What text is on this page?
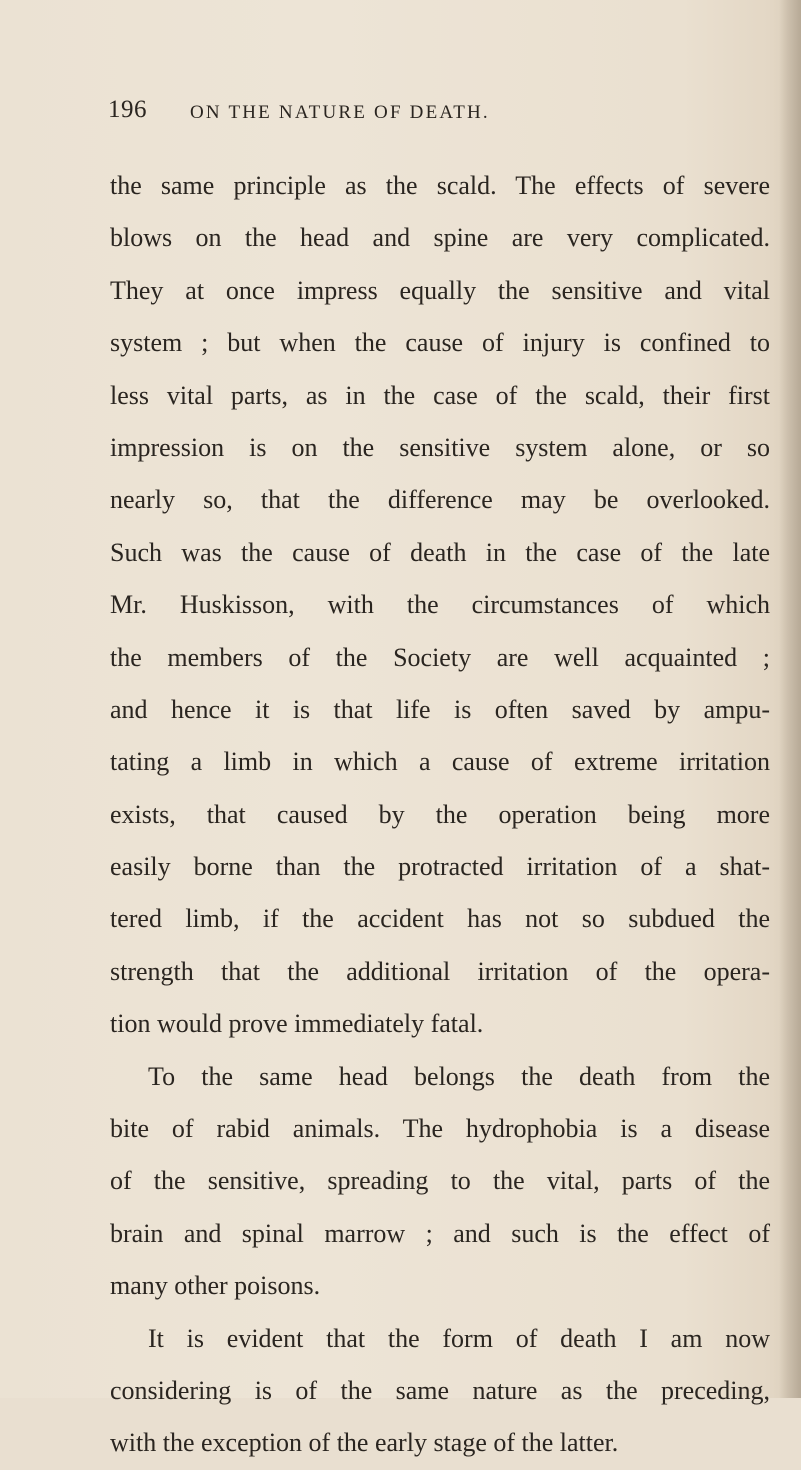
196 ON THE NATURE OF DEATH.
the same principle as the scald. The effects of severe
blows on the head and spine are very complicated.
They at once impress equally the sensitive and vital
system ; but when the cause of injury is confined to
less vital parts, as in the case of the scald, their first
impression is on the sensitive system alone, or so
nearly so, that the difference may be overlooked.
Such was the cause of death in the case of the late
Mr. Huskisson, with the circumstances of which
the members of the Society are well acquainted ;
and hence it is that life is often saved by ampu-
tating a limb in which a cause of extreme irritation
exists, that caused by the operation being more
easily borne than the protracted irritation of a shat-
tered limb, if the accident has not so subdued the
strength that the additional irritation of the opera-
tion would prove immediately fatal.
To the same head belongs the death from the
bite of rabid animals. The hydrophobia is a disease
of the sensitive, spreading to the vital, parts of the
brain and spinal marrow ; and such is the effect of
many other poisons.
It is evident that the form of death I am now
considering is of the same nature as the preceding,
with the exception of the early stage of the latter.
